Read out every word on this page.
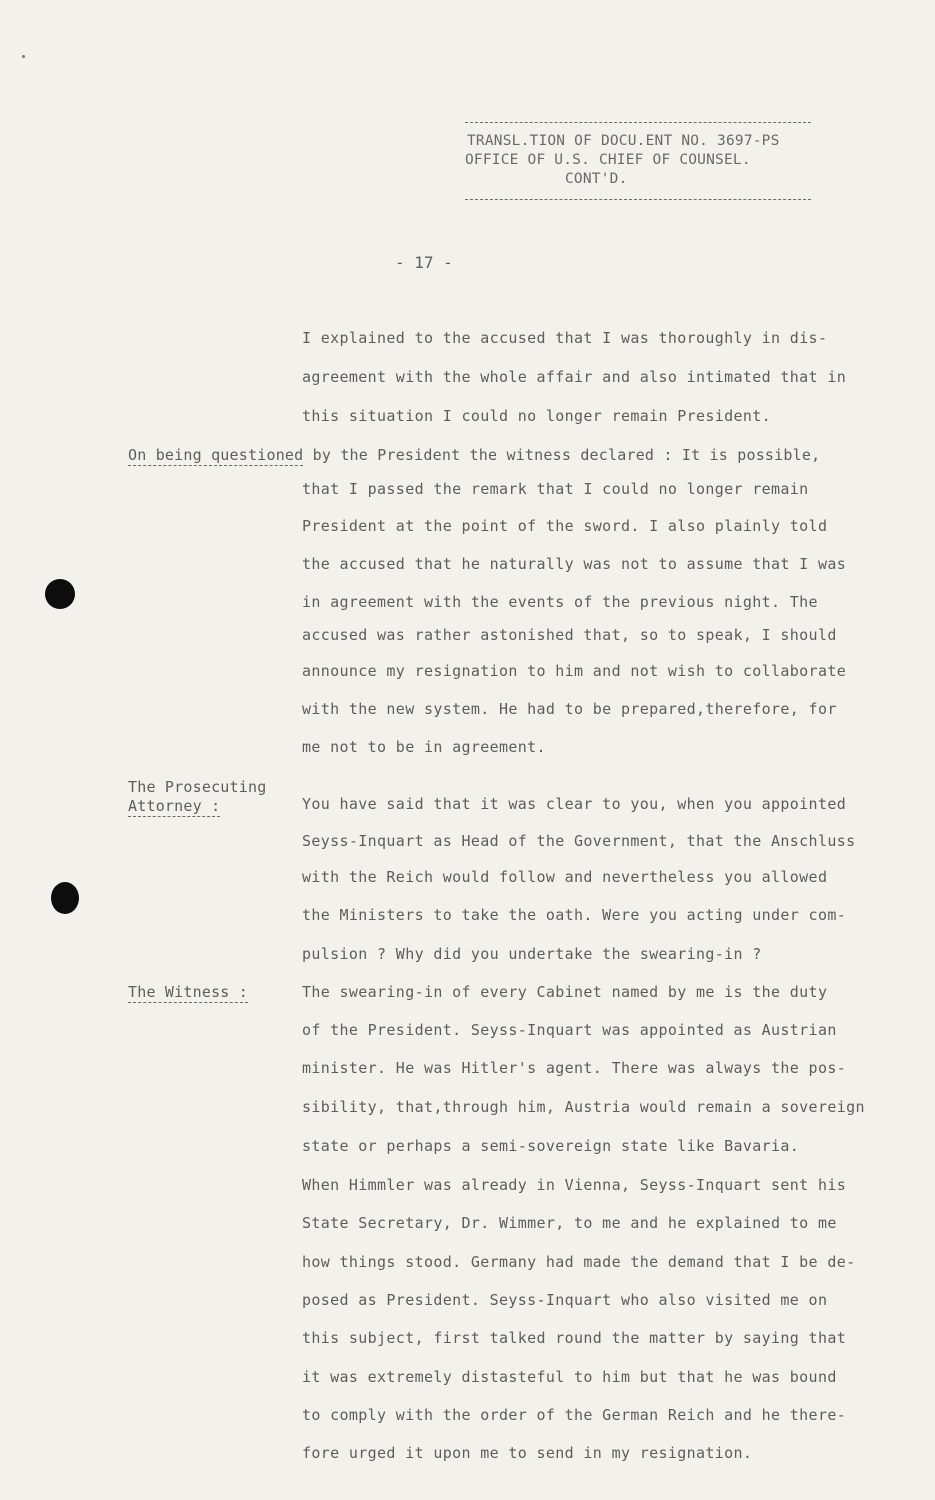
TRANSL.TION OF DOCU.ENT NO. 3697-PS
OFFICE OF U.S. CHIEF OF COUNSEL.
CONT'D.
- 17 -
I explained to the accused that I was thoroughly in dis-
agreement with the whole affair and also intimated that in
this situation I could no longer remain President.
On being questioned by the President the witness declared : It is possible,
that I passed the remark that I could no longer remain
President at the point of the sword. I also plainly told
the accused that he naturally was not to assume that I was
in agreement with the events of the previous night. The
accused was rather astonished that, so to speak, I should
announce my resignation to him and not wish to collaborate
with the new system. He had to be prepared,therefore, for
me not to be in agreement.
The Prosecuting
Attorney :	You have said that it was clear to you, when you appointed
Seyss-Inquart as Head of the Government, that the Anschluss
with the Reich would follow and nevertheless you allowed
the Ministers to take the oath. Were you acting under com-
pulsion ? Why did you undertake the swearing-in ?
The Witness :	The swearing-in of every Cabinet named by me is the duty
of the President. Seyss-Inquart was appointed as Austrian
minister. He was Hitler's agent. There was always the pos-
sibility, that,through him, Austria would remain a sovereign
state or perhaps a semi-sovereign state like Bavaria.
When Himmler was already in Vienna, Seyss-Inquart sent his
State Secretary, Dr. Wimmer, to me and he explained to me
how things stood. Germany had made the demand that I be de-
posed as President. Seyss-Inquart who also visited me on
this subject, first talked round the matter by saying that
it was extremely distasteful to him but that he was bound
to comply with the order of the German Reich and he there-
fore urged it upon me to send in my resignation.
